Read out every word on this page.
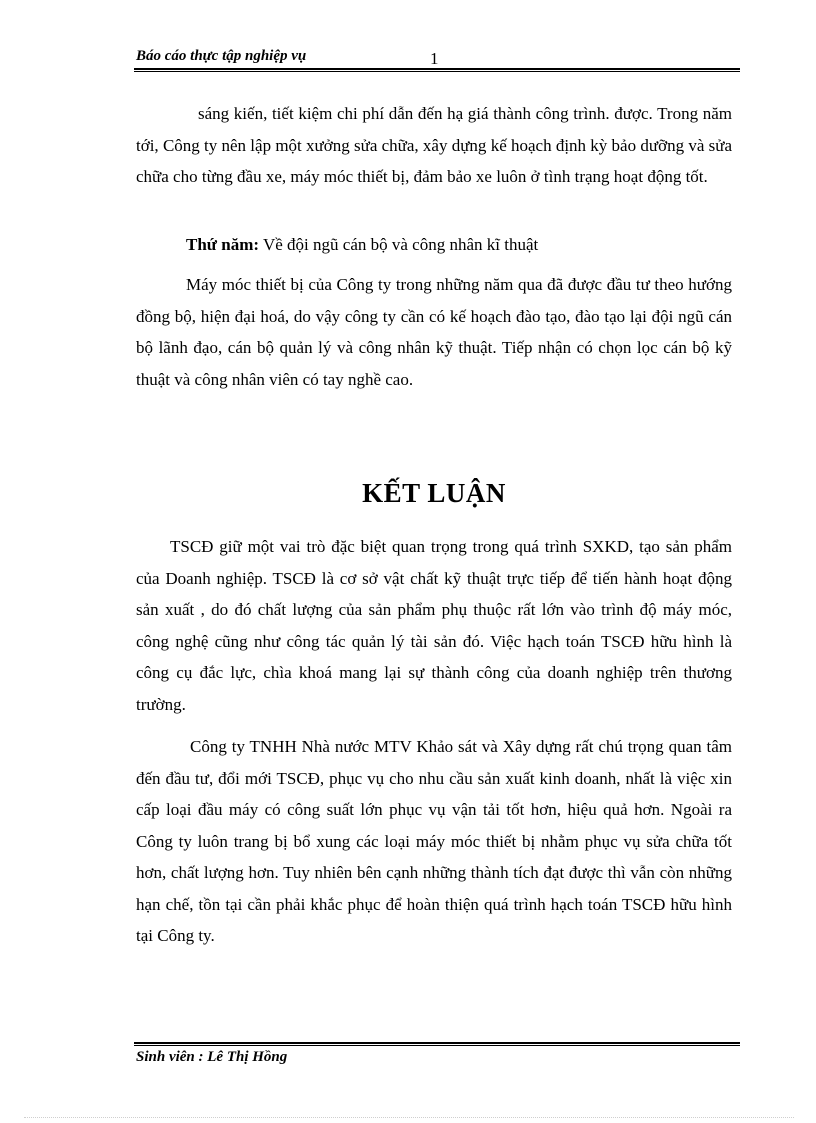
Báo cáo thực tập nghiệp vụ	1

sáng kiến, tiết kiệm chi phí dẫn đến hạ giá thành công trình. được. Trong năm tới, Công ty nên lập một xưởng sửa chữa, xây dựng kế hoạch định kỳ bảo dưỡng và sửa chữa cho từng đầu xe, máy móc thiết bị, đảm bảo xe luôn ở tình trạng hoạt động tốt.

Thứ năm: Về đội ngũ cán bộ và công nhân kĩ thuật

Máy móc thiết bị của Công ty trong những năm qua đã được đầu tư theo hướng đồng bộ, hiện đại hoá, do vậy công ty cần có kế hoạch đào tạo, đào tạo lại đội ngũ cán bộ lãnh đạo, cán bộ quản lý và công nhân kỹ thuật. Tiếp nhận có chọn lọc cán bộ kỹ thuật và công nhân viên có tay nghề cao.

KẾT LUẬN

TSCĐ giữ một vai trò đặc biệt quan trọng trong quá trình SXKD, tạo sản phẩm của Doanh nghiệp. TSCĐ là cơ sở vật chất kỹ thuật trực tiếp để tiến hành hoạt động sản xuất , do đó chất lượng của sản phẩm phụ thuộc rất lớn vào trình độ máy móc, công nghệ cũng như công tác quản lý tài sản đó. Việc hạch toán TSCĐ hữu hình là công cụ đắc lực, chìa khoá mang lại sự thành công của doanh nghiệp trên thương trường.

Công ty TNHH Nhà nước MTV Khảo sát và Xây dựng rất chú trọng quan tâm đến đầu tư, đổi mới TSCĐ, phục vụ cho nhu cầu sản xuất kinh doanh, nhất là việc xin cấp loại đầu máy có công suất lớn phục vụ vận tải tốt hơn, hiệu quả hơn. Ngoài ra Công ty luôn trang bị bổ xung các loại máy móc thiết bị nhằm phục vụ sửa chữa tốt hơn, chất lượng hơn. Tuy nhiên bên cạnh những thành tích đạt được thì vẫn còn những hạn chế, tồn tại cần phải khắc phục để hoàn thiện quá trình hạch toán TSCĐ hữu hình tại Công ty.

Sinh viên : Lê Thị Hồng
